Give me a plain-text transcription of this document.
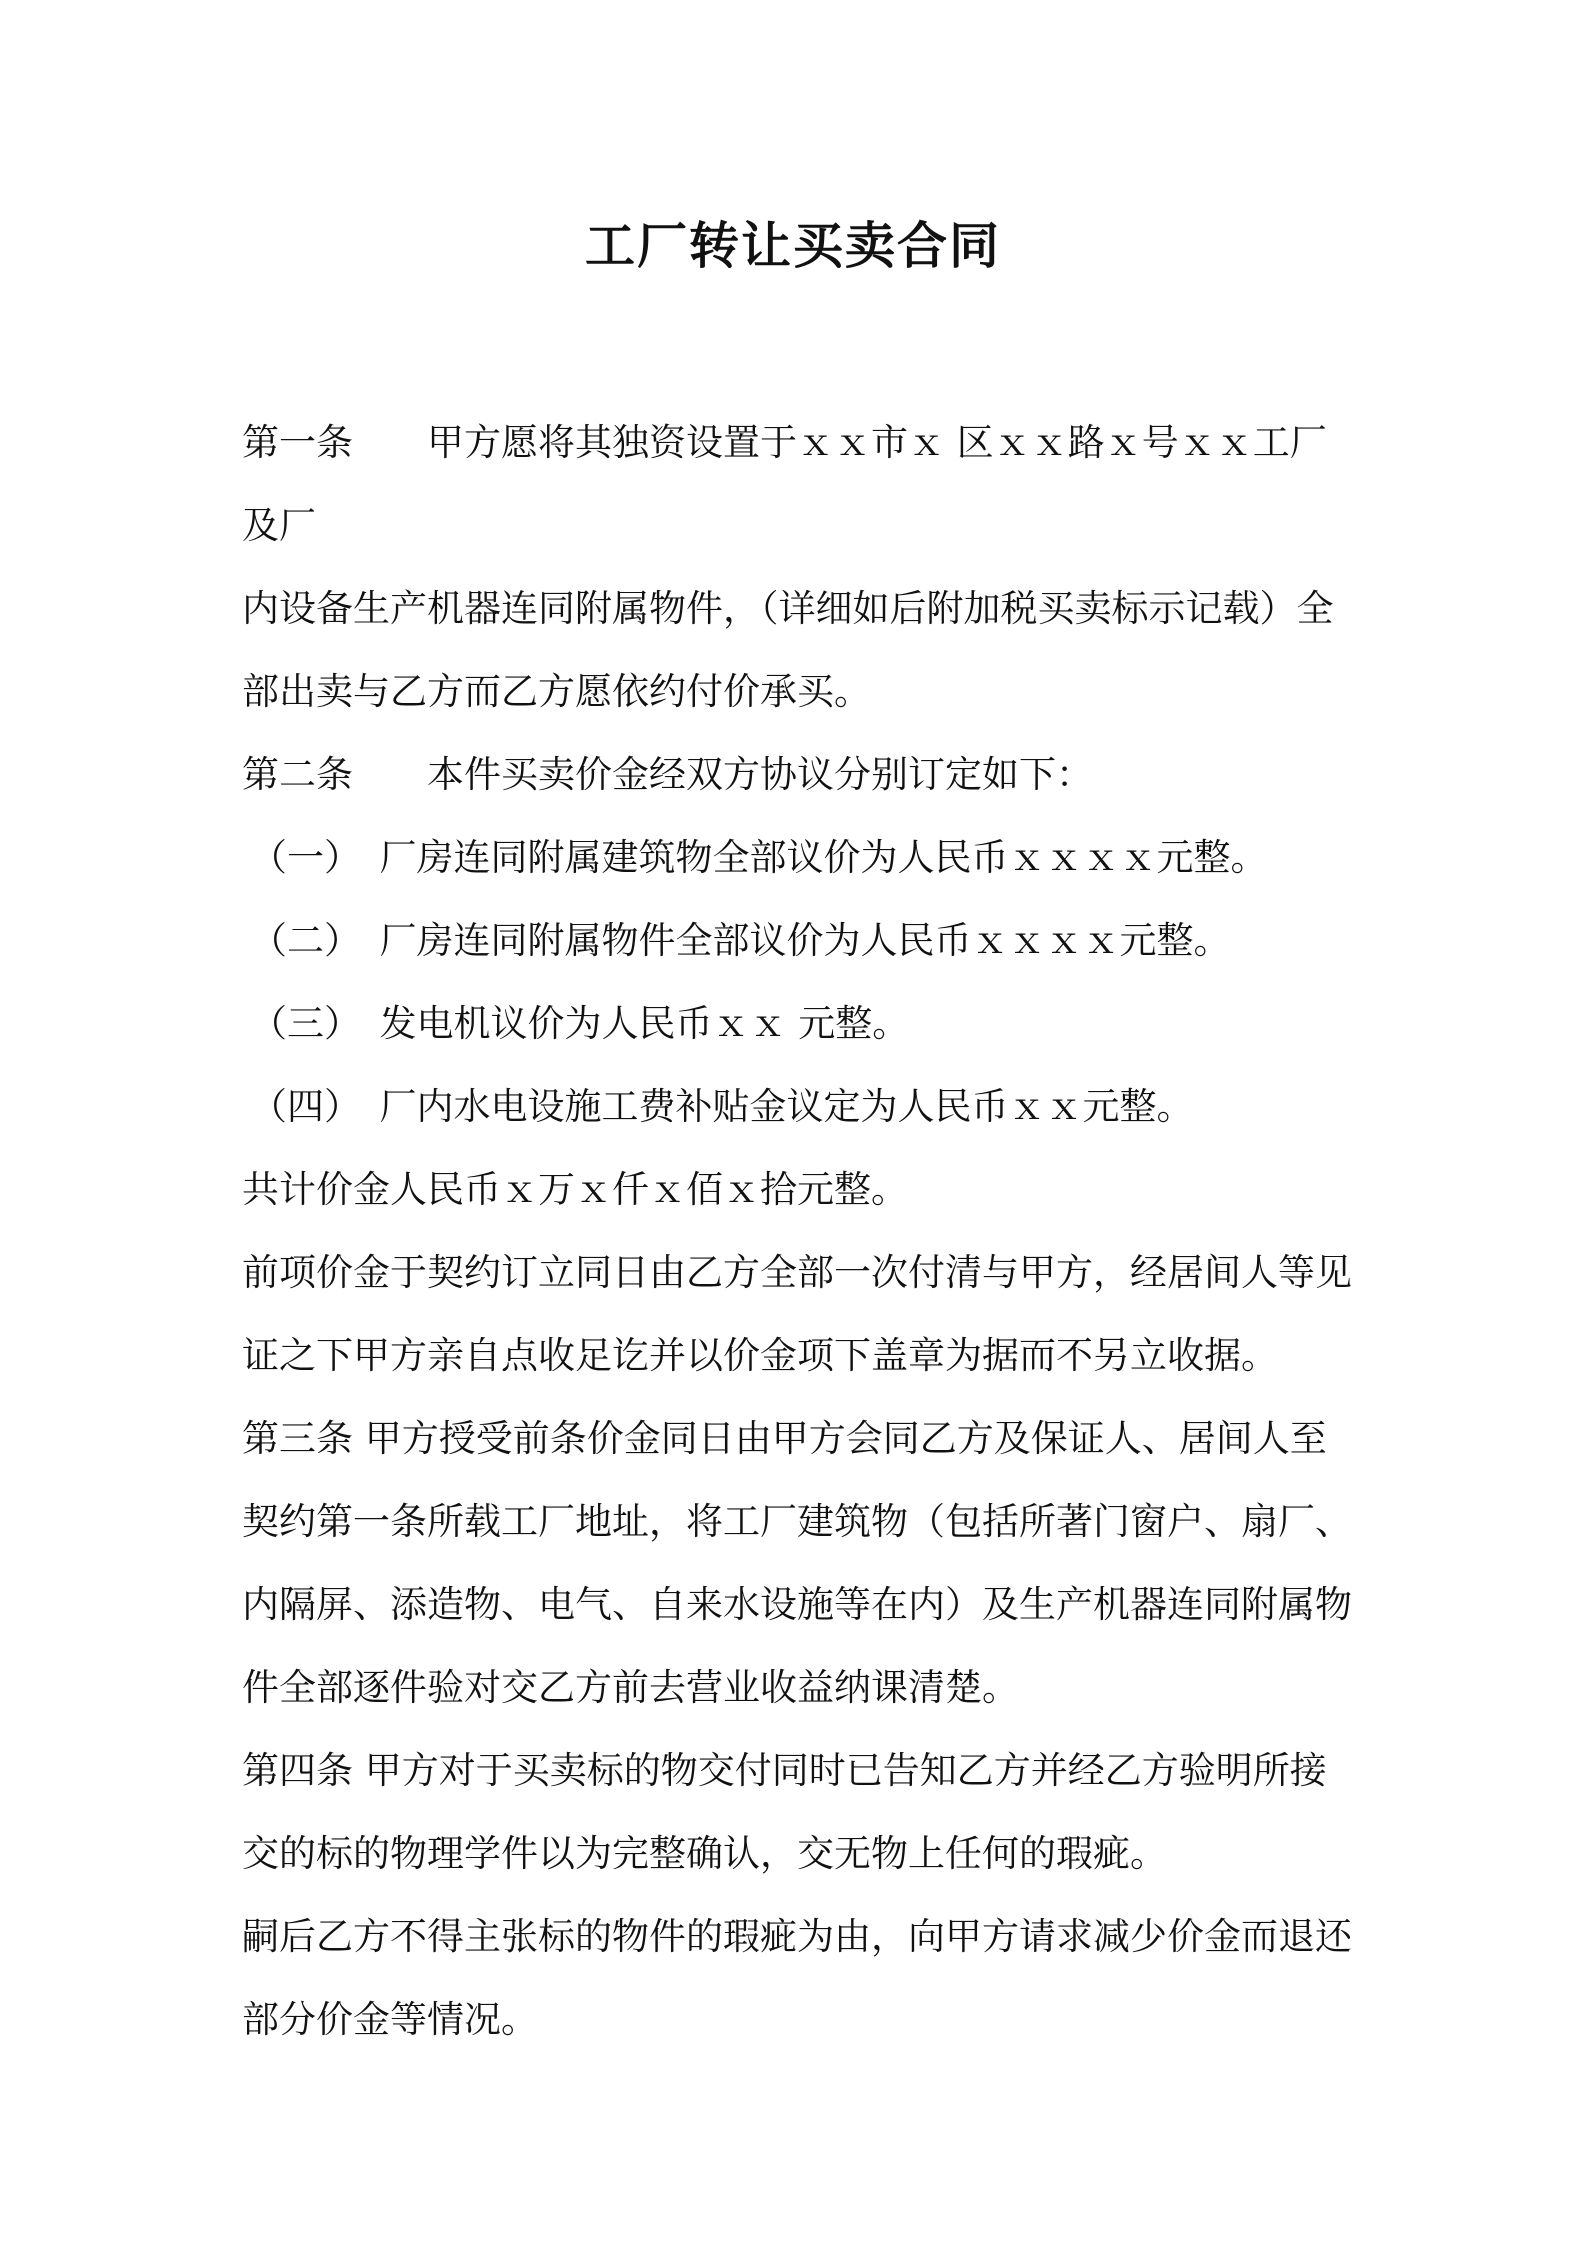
工厂转让买卖合同

第一条　　甲方愿将其独资设置于ｘｘ市ｘ 区ｘｘ路ｘ号ｘｘ工厂及厂

内设备生产机器连同附属物件，（详细如后附加税买卖标示记载）全

部出卖与乙方而乙方愿依约付价承买。

第二条　　本件买卖价金经双方协议分别订定如下：

（一）　厂房连同附属建筑物全部议价为人民币ｘｘｘｘ元整。

（二）　厂房连同附属物件全部议价为人民币ｘｘｘｘ元整。

（三）　发电机议价为人民币ｘｘ 元整。

（四）　厂内水电设施工费补贴金议定为人民币ｘｘ元整。

共计价金人民币ｘ万ｘ仟ｘ佰ｘ拾元整。

前项价金于契约订立同日由乙方全部一次付清与甲方，经居间人等见

证之下甲方亲自点收足讫并以价金项下盖章为据而不另立收据。

第三条 甲方授受前条价金同日由甲方会同乙方及保证人、居间人至

契约第一条所载工厂地址，将工厂建筑物（包括所著门窗户、扇厂、

内隔屏、添造物、电气、自来水设施等在内）及生产机器连同附属物

件全部逐件验对交乙方前去营业收益纳课清楚。

第四条 甲方对于买卖标的物交付同时已告知乙方并经乙方验明所接

交的标的物理学件以为完整确认，交无物上任何的瑕疵。

嗣后乙方不得主张标的物件的瑕疵为由，向甲方请求减少价金而退还

部分价金等情况。
